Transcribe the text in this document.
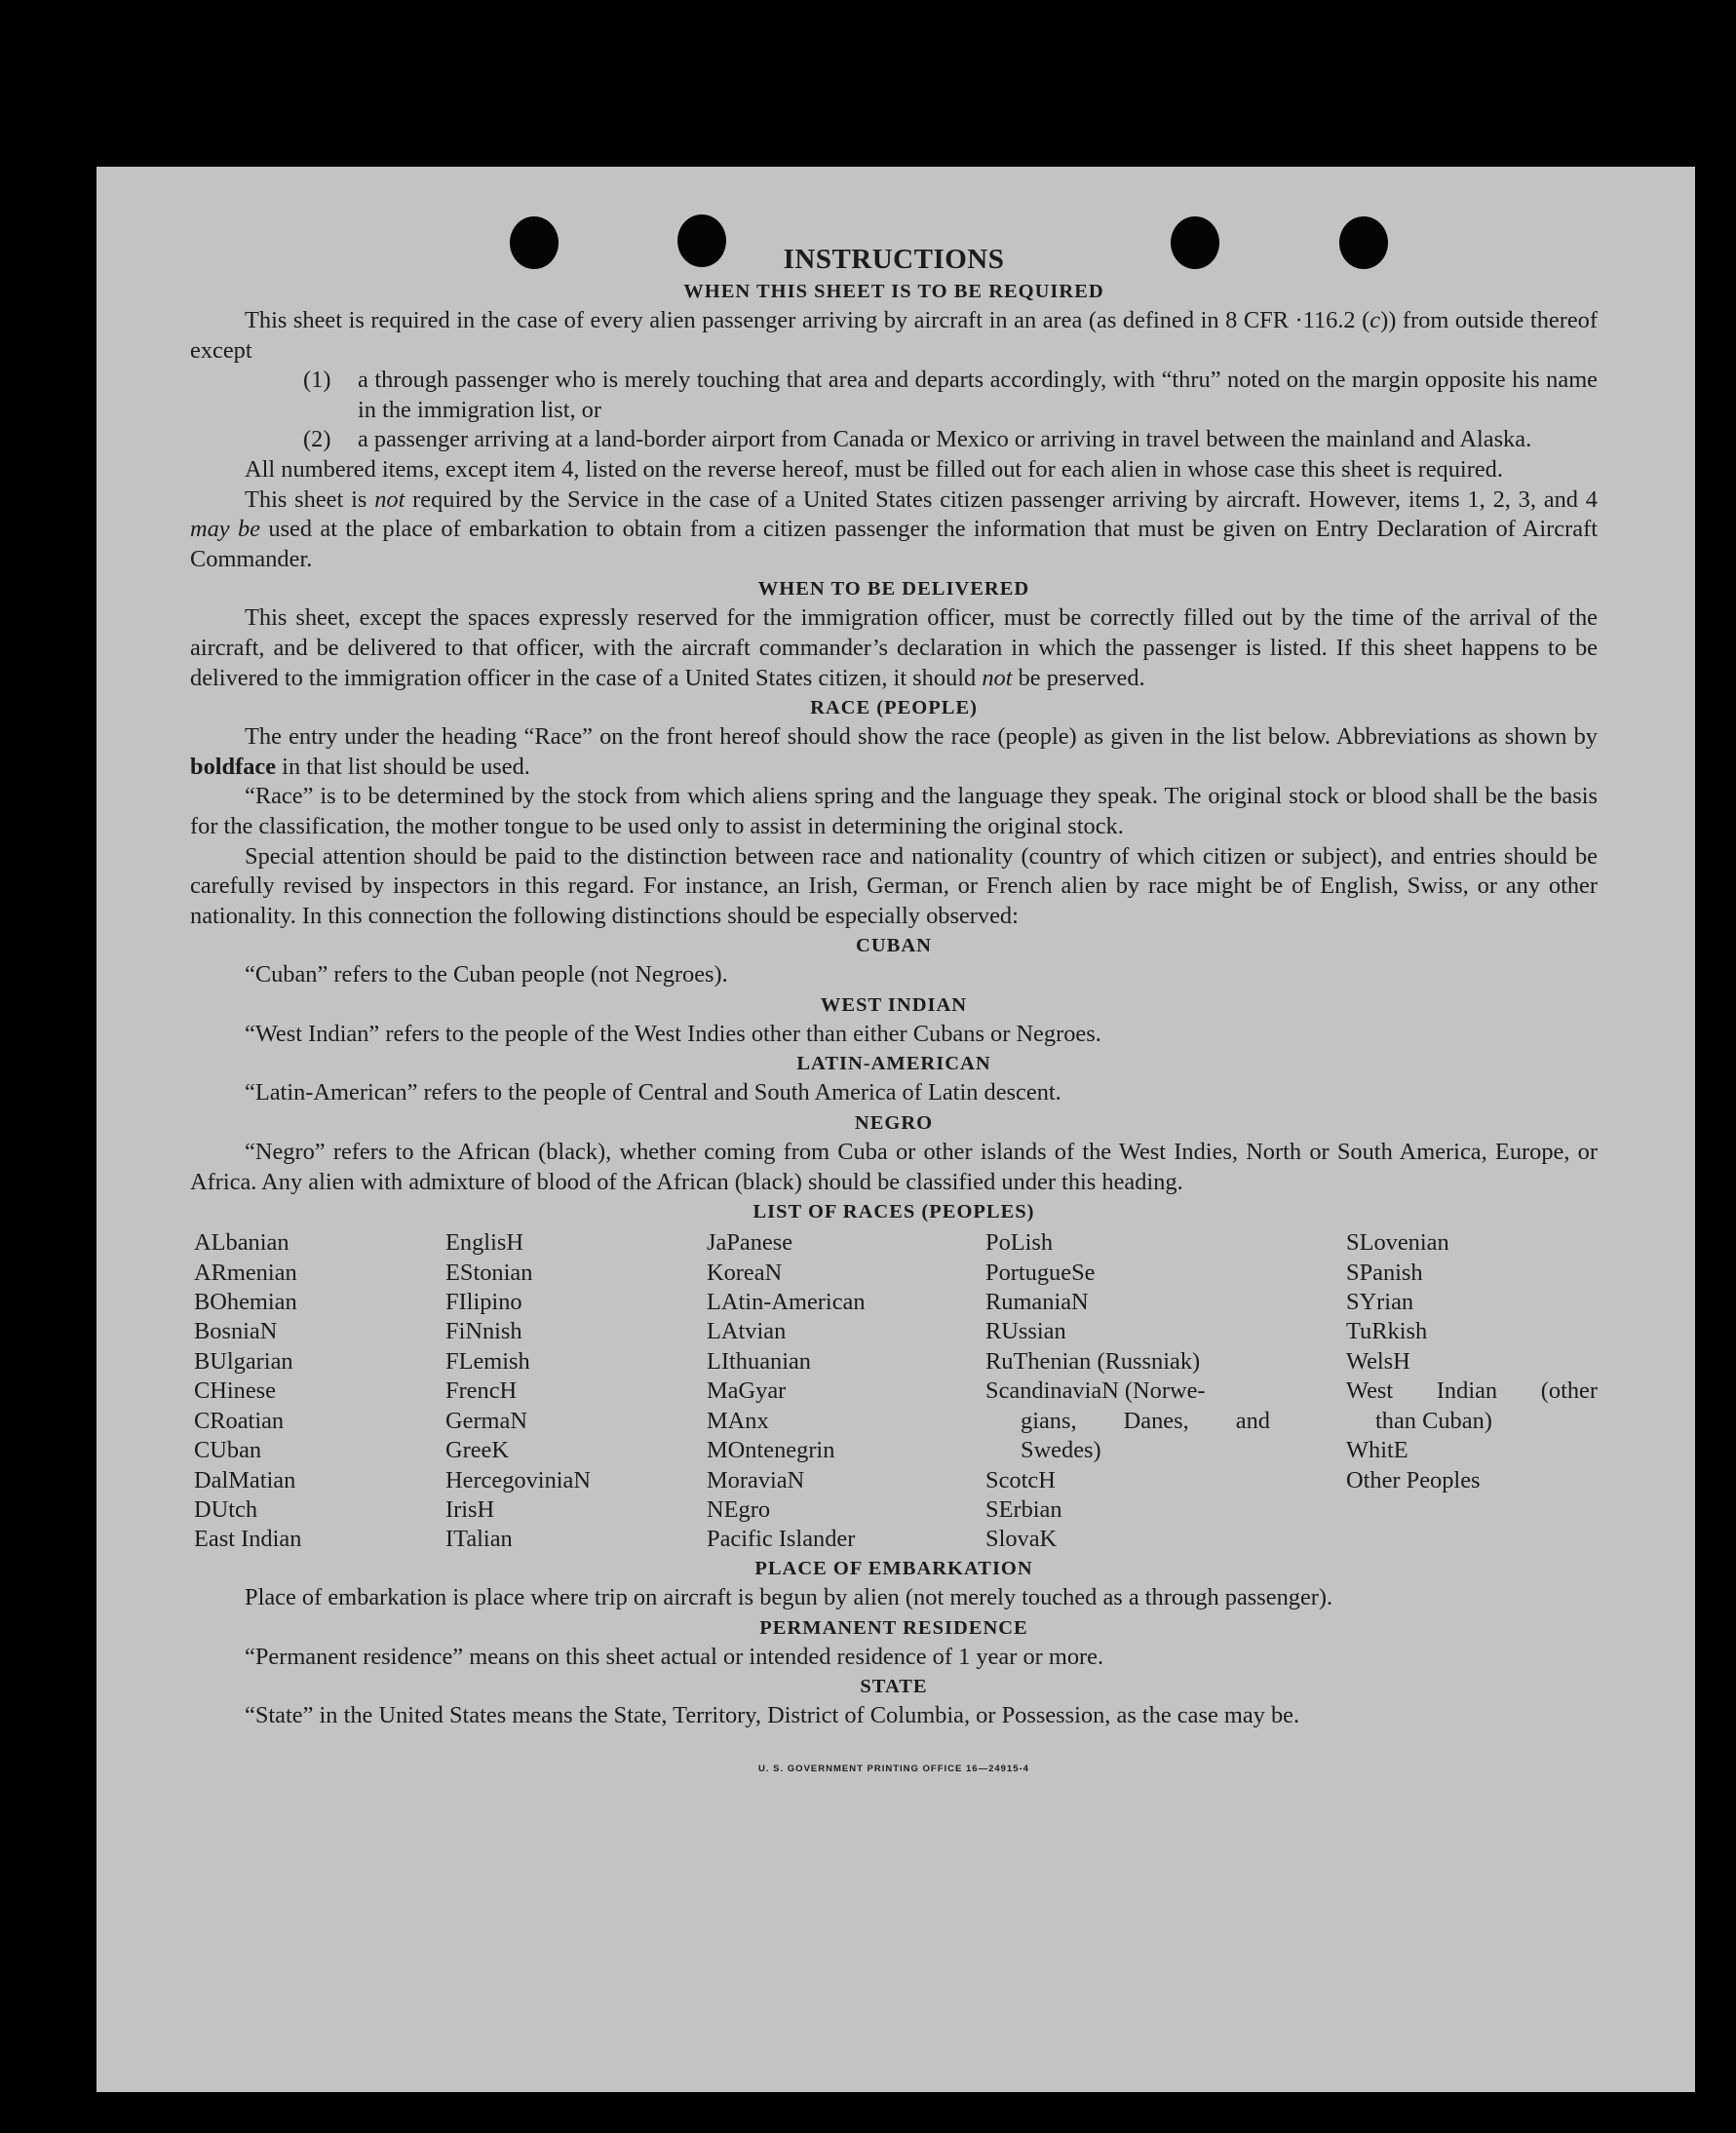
INSTRUCTIONS
WHEN THIS SHEET IS TO BE REQUIRED

This sheet is required in the case of every alien passenger arriving by aircraft in an area (as defined in 8 CFR ·116.2 (c)) from outside thereof except

(1)	a through passenger who is merely touching that area and departs accordingly, with “thru” noted on the margin opposite his name in the immigration list, or
(2)	a passenger arriving at a land-border airport from Canada or Mexico or arriving in travel between the mainland and Alaska.

All numbered items, except item 4, listed on the reverse hereof, must be filled out for each alien in whose case this sheet is required.

This sheet is not required by the Service in the case of a United States citizen passenger arriving by aircraft. However, items 1, 2, 3, and 4 may be used at the place of embarkation to obtain from a citizen passenger the information that must be given on Entry Declaration of Aircraft Commander.

WHEN TO BE DELIVERED

This sheet, except the spaces expressly reserved for the immigration officer, must be correctly filled out by the time of the arrival of the aircraft, and be delivered to that officer, with the aircraft commander’s declaration in which the passenger is listed. If this sheet happens to be delivered to the immigration officer in the case of a United States citizen, it should not be preserved.

RACE (PEOPLE)

The entry under the heading “Race” on the front hereof should show the race (people) as given in the list below. Abbreviations as shown by boldface in that list should be used.

“Race” is to be determined by the stock from which aliens spring and the language they speak. The original stock or blood shall be the basis for the classification, the mother tongue to be used only to assist in determining the original stock.

Special attention should be paid to the distinction between race and nationality (country of which citizen or subject), and entries should be carefully revised by inspectors in this regard. For instance, an Irish, German, or French alien by race might be of English, Swiss, or any other nationality. In this connection the following distinctions should be especially observed:

CUBAN
“Cuban” refers to the Cuban people (not Negroes).
WEST INDIAN
“West Indian” refers to the people of the West Indies other than either Cubans or Negroes.
LATIN-AMERICAN
“Latin-American” refers to the people of Central and South America of Latin descent.
NEGRO

“Negro” refers to the African (black), whether coming from Cuba or other islands of the West Indies, North or South America, Europe, or Africa. Any alien with admixture of blood of the African (black) should be classified under this heading.

LIST OF RACES (PEOPLES)
ALbanian
ARmenian
BOhemian
BosniaN
BUlgarian
CHinese
CRoatian
CUban
DalMatian
DUtch
East Indian
EnglisH
EStonian
FIlipino
FiNnish
FLemish
FrencH
GermaN
GreeK
HercegoviniaN
IrisH
ITalian
JaPanese
KoreaN
LAtin-American
LAtvian
LIthuanian
MaGyar
MAnx
MOntenegrin
MoraviaN
NEgro
Pacific Islander
PoLish
PortugueSe
RumaniaN
RUssian
RuThenian (Russniak)
ScandinaviaN (Norwe-
gians, Danes, and
Swedes)
ScotcH
SErbian
SlovaK
SLovenian
SPanish
SYrian
TuRkish
WelsH
West Indian (other
than Cuban)
WhitE
Other Peoples
PLACE OF EMBARKATION

Place of embarkation is place where trip on aircraft is begun by alien (not merely touched as a through passenger).

PERMANENT RESIDENCE
“Permanent residence” means on this sheet actual or intended residence of 1 year or more.
STATE

“State” in the United States means the State, Territory, District of Columbia, or Possession, as the case may be.

U. S. GOVERNMENT PRINTING OFFICE 16—24915-4
